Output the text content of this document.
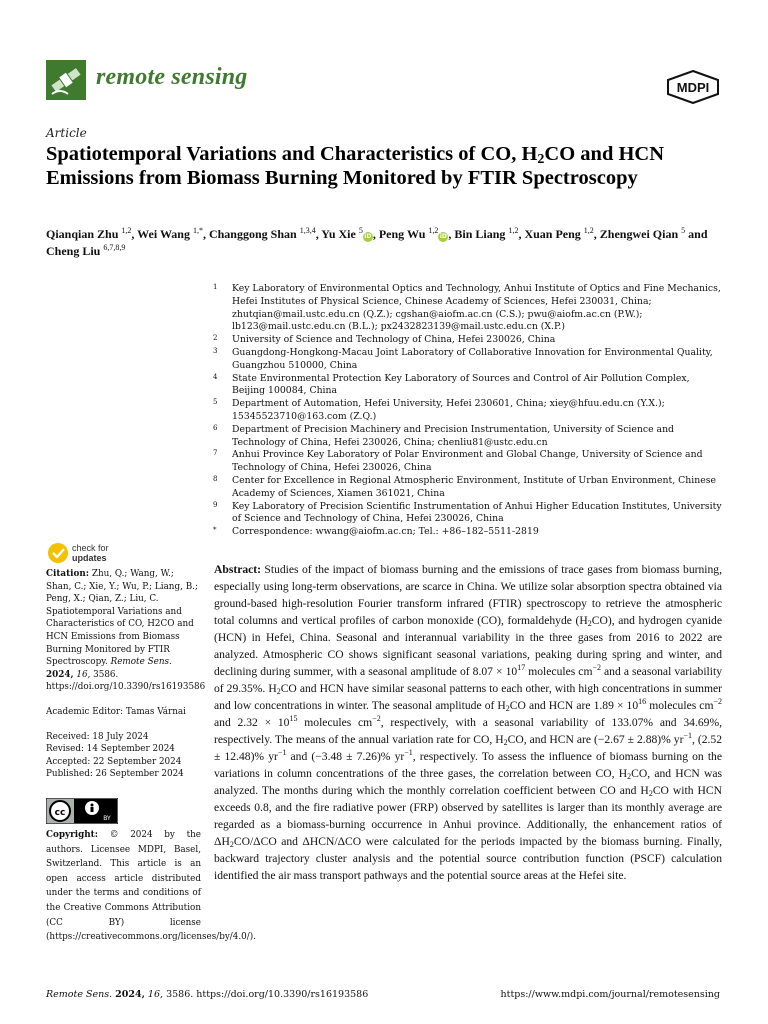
remote sensing	MDPI
Article
Spatiotemporal Variations and Characteristics of CO, $H_2CO$ and HCN Emissions from Biomass Burning Monitored by FTIR Spectroscopy
Qianqian Zhu $^{1,2}$, Wei Wang $^{1,*}$, Changgong Shan $^{1,3,4}$, Yu Xie $^5$iD, Peng Wu $^{1,2}$iD, Bin Liang $^{1,2}$, Xuan Peng $^{1,2}$, Zhengwei Qian $^5$ and Cheng Liu $^{6,7,8,9}$
1 Key Laboratory of Environmental Optics and Technology, Anhui Institute of Optics and Fine Mechanics, Hefei Institutes of Physical Science, Chinese Academy of Sciences, Hefei 230031, China; zhutqian@mail.ustc.edu.cn (Q.Z.); cgshan@aiofm.ac.cn (C.S.); pwu@aiofm.ac.cn (P.W.); lb123@mail.ustc.edu.cn (B.L.); px2432823139@mail.ustc.edu.cn (X.P.)
2 University of Science and Technology of China, Hefei 230026, China
3 Guangdong-Hongkong-Macau Joint Laboratory of Collaborative Innovation for Environmental Quality, Guangzhou 510000, China
4 State Environmental Protection Key Laboratory of Sources and Control of Air Pollution Complex, Beijing 100084, China
5 Department of Automation, Hefei University, Hefei 230601, China; xiey@hfuu.edu.cn (Y.X.); 15345523710@163.com (Z.Q.)
6 Department of Precision Machinery and Precision Instrumentation, University of Science and Technology of China, Hefei 230026, China; chenliu81@ustc.edu.cn
7 Anhui Province Key Laboratory of Polar Environment and Global Change, University of Science and Technology of China, Hefei 230026, China
8 Center for Excellence in Regional Atmospheric Environment, Institute of Urban Environment, Chinese Academy of Sciences, Xiamen 361021, China
9 Key Laboratory of Precision Scientific Instrumentation of Anhui Higher Education Institutes, University of Science and Technology of China, Hefei 230026, China
* Correspondence: wwang@aiofm.ac.cn; Tel.: +86–182–5511-2819
check for
updates
Citation: Zhu, Q.; Wang, W.; Shan, C.; Xie, Y.; Wu, P.; Liang, B.; Peng, X.; Qian, Z.; Liu, C. Spatiotemporal Variations and Characteristics of CO, H2CO and HCN Emissions from Biomass Burning Monitored by FTIR Spectroscopy. Remote Sens. 2024, 16, 3586. https://doi.org/10.3390/rs16193586
Academic Editor: Tamas Várnai
Received: 18 July 2024
Revised: 14 September 2024
Accepted: 22 September 2024
Published: 26 September 2024
cc
BY
Copyright: © 2024 by the authors. Licensee MDPI, Basel, Switzerland. This article is an open access article distributed under the terms and conditions of the Creative Commons Attribution (CC BY) license (https://creativecommons.org/licenses/by/4.0/).
Abstract: Studies of the impact of biomass burning and the emissions of trace gases from biomass burning, especially using long-term observations, are scarce in China. We utilize solar absorption spectra obtained via ground-based high-resolution Fourier transform infrared (FTIR) spectroscopy to retrieve the atmospheric total columns and vertical profiles of carbon monoxide (CO), formaldehyde $(H_2CO)$, and hydrogen cyanide (HCN) in Hefei, China. Seasonal and interannual variability in the three gases from 2016 to 2022 are analyzed. Atmospheric CO shows significant seasonal variations, peaking during spring and winter, and declining during summer, with a seasonal amplitude of $8.07 \times 10^{17}$ molecules $cm^{-2}$ and a seasonal variability of 29.35%. $H_2CO$ and HCN have similar seasonal patterns to each other, with high concentrations in summer and low concentrations in winter. The seasonal amplitude of $H_2CO$ and HCN are $1.89 \times 10^{16}$ molecules $cm^{-2}$ and $2.32 \times 10^{15}$ molecules $cm^{-2}$, respectively, with a seasonal variability of 133.07% and 34.69%, respectively. The means of the annual variation rate for CO, $H_2CO$, and HCN are (−2.67 ± 2.88)% $yr^{-1}$, (2.52 ± 12.48)% $yr^{-1}$ and (−3.48 ± 7.26)% $yr^{-1}$, respectively. To assess the influence of biomass burning on the variations in column concentrations of the three gases, the correlation between CO, $H_2CO$, and HCN was analyzed. The months during which the monthly correlation coefficient between CO and $H_2CO$ with HCN exceeds 0.8, and the fire radiative power (FRP) observed by satellites is larger than its monthly average are regarded as a biomass-burning occurrence in Anhui province. Additionally, the enhancement ratios of $\Delta H_2CO$/ΔCO and ΔHCN/ΔCO were calculated for the periods impacted by the biomass burning. Finally, backward trajectory cluster analysis and the potential source contribution function (PSCF) calculation identified the air mass transport pathways and the potential source areas at the Hefei site.
Remote Sens. 2024, 16, 3586. https://doi.org/10.3390/rs16193586	https://www.mdpi.com/journal/remotesensing
